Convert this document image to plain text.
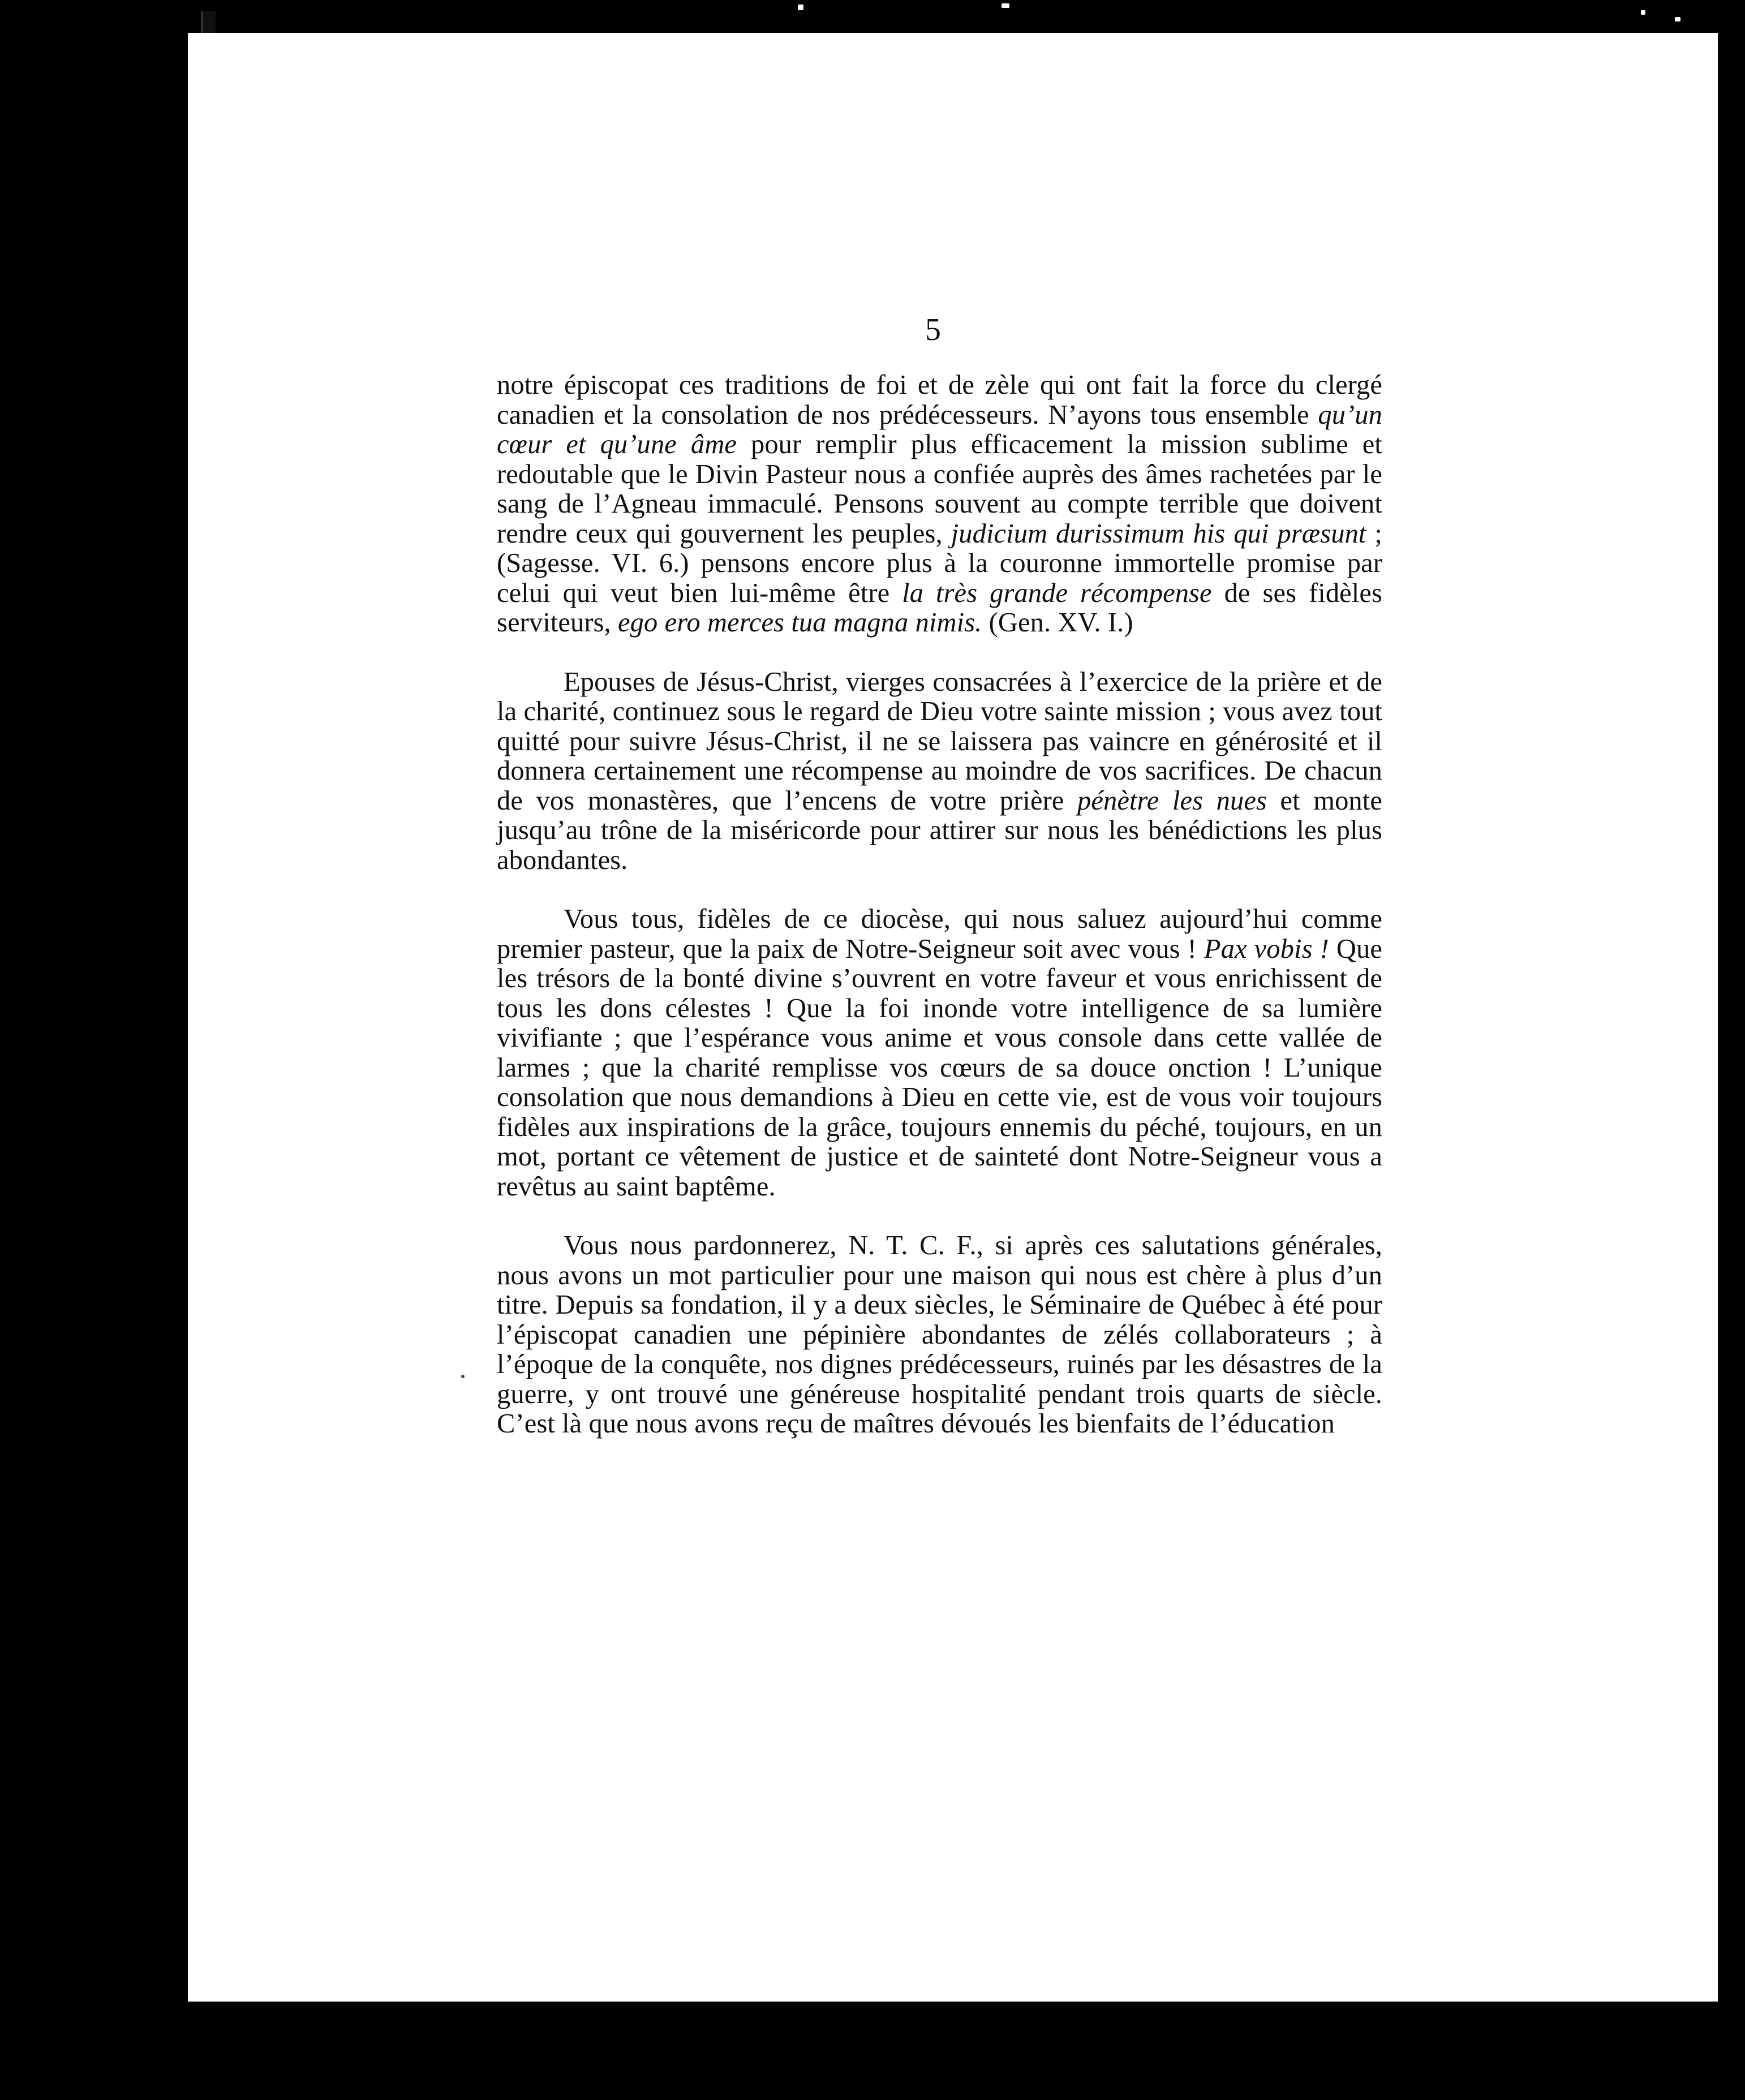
5

notre épiscopat ces traditions de foi et de zèle qui ont fait la force du clergé canadien et la consolation de nos prédécesseurs. N’ayons tous ensemble qu’un cœur et qu’une âme pour remplir plus efficacement la mission sublime et redoutable que le Divin Pasteur nous a confiée auprès des âmes rachetées par le sang de l’Agneau immaculé. Pensons souvent au compte terrible que doivent rendre ceux qui gouvernent les peuples, judicium durissimum his qui præsunt ; (Sagesse. VI. 6.) pensons encore plus à la couronne immortelle promise par celui qui veut bien lui-même être la très grande récompense de ses fidèles serviteurs, ego ero merces tua magna nimis. (Gen. XV. I.)

Epouses de Jésus-Christ, vierges consacrées à l’exercice de la prière et de la charité, continuez sous le regard de Dieu votre sainte mission ; vous avez tout quitté pour suivre Jésus-Christ, il ne se laissera pas vaincre en générosité et il donnera certainement une récompense au moindre de vos sacrifices. De chacun de vos monastères, que l’encens de votre prière pénètre les nues et monte jusqu’au trône de la miséricorde pour attirer sur nous les bénédictions les plus abondantes.

Vous tous, fidèles de ce diocèse, qui nous saluez aujourd’hui comme premier pasteur, que la paix de Notre-Seigneur soit avec vous ! Pax vobis ! Que les trésors de la bonté divine s’ouvrent en votre faveur et vous enrichissent de tous les dons célestes ! Que la foi inonde votre intelligence de sa lumière vivifiante ; que l’espérance vous anime et vous console dans cette vallée de larmes ; que la charité remplisse vos cœurs de sa douce onction ! L’unique consolation que nous demandions à Dieu en cette vie, est de vous voir toujours fidèles aux inspirations de la grâce, toujours ennemis du péché, toujours, en un mot, portant ce vêtement de justice et de sainteté dont Notre-Seigneur vous a revêtus au saint baptême.

Vous nous pardonnerez, N. T. C. F., si après ces salutations générales, nous avons un mot particulier pour une maison qui nous est chère à plus d’un titre. Depuis sa fondation, il y a deux siècles, le Séminaire de Québec à été pour l’épiscopat canadien une pépinière abondantes de zélés collaborateurs ; à l’époque de la conquête, nos dignes prédécesseurs, ruinés par les désastres de la guerre, y ont trouvé une généreuse hospitalité pendant trois quarts de siècle. C’est là que nous avons reçu de maîtres dévoués les bienfaits de l’éducation
